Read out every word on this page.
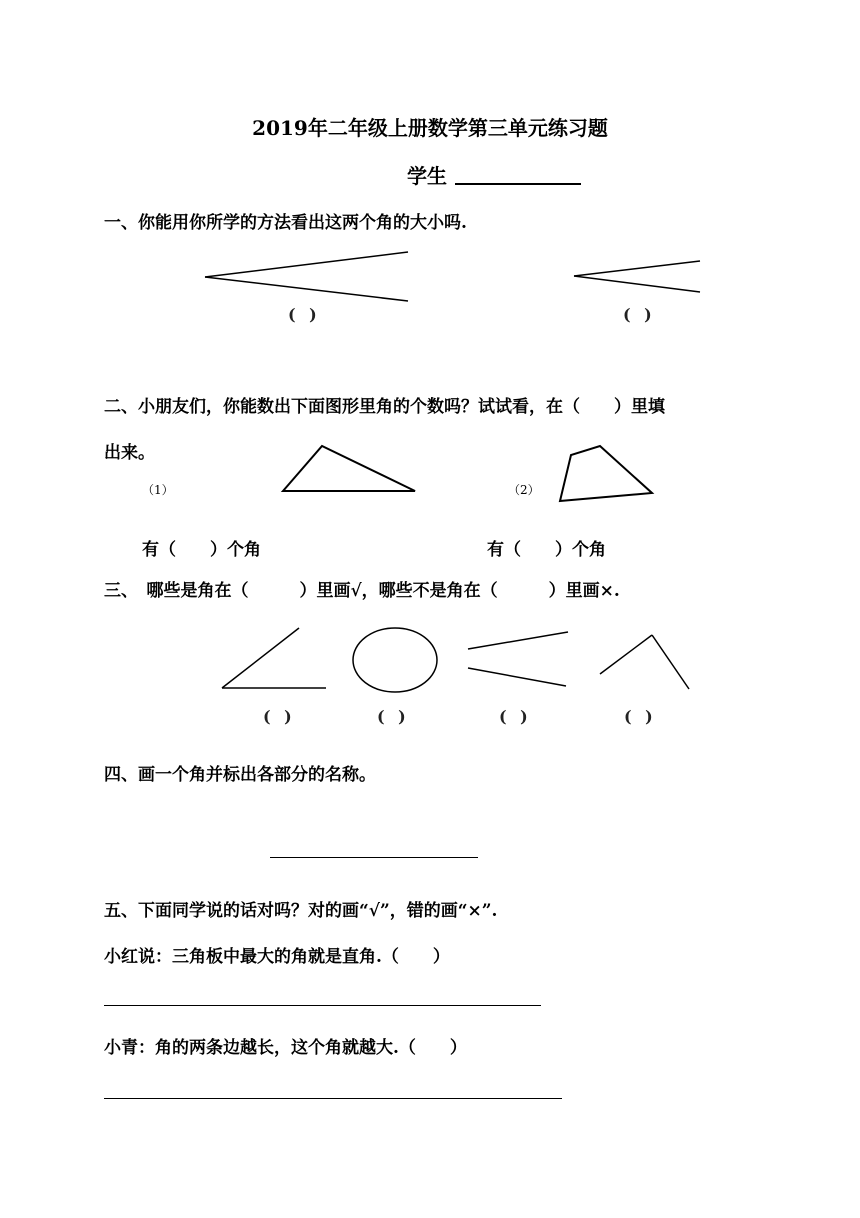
2019年二年级上册数学第三单元练习题
学生
一、你能用你所学的方法看出这两个角的大小吗.
( )	( )
二、小朋友们，你能数出下面图形里角的个数吗？试试看，在（　　）里填
出来。
（1）	（2）
有（　　）个角	有（　　）个角
三、　哪些是角在（　　　）里画√，哪些不是角在（　　　）里画×.
( )	( )	( )	( )
四、画一个角并标出各部分的名称。
五、下面同学说的话对吗？对的画“√”，错的画“×”.
小红说：三角板中最大的角就是直角.（　　）
小青：角的两条边越长，这个角就越大.（　　）
